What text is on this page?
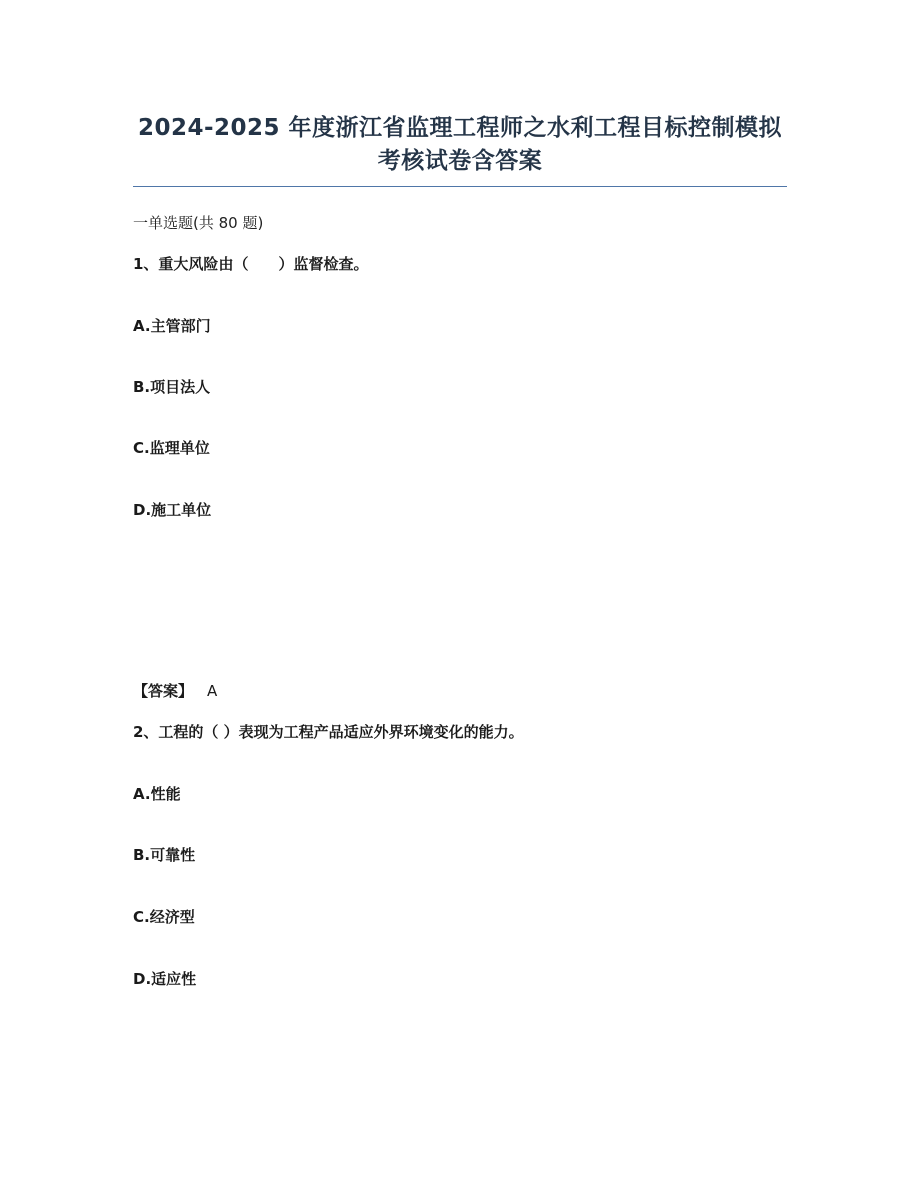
2024-2025 年度浙江省监理工程师之水利工程目标控制模拟
考核试卷含答案
一单选题(共 80 题)
1、重大风险由（　　）监督检查。
A.主管部门
B.项目法人
C.监理单位
D.施工单位
【答案】 A
2、工程的（ ）表现为工程产品适应外界环境变化的能力。
A.性能
B.可靠性
C.经济型
D.适应性
